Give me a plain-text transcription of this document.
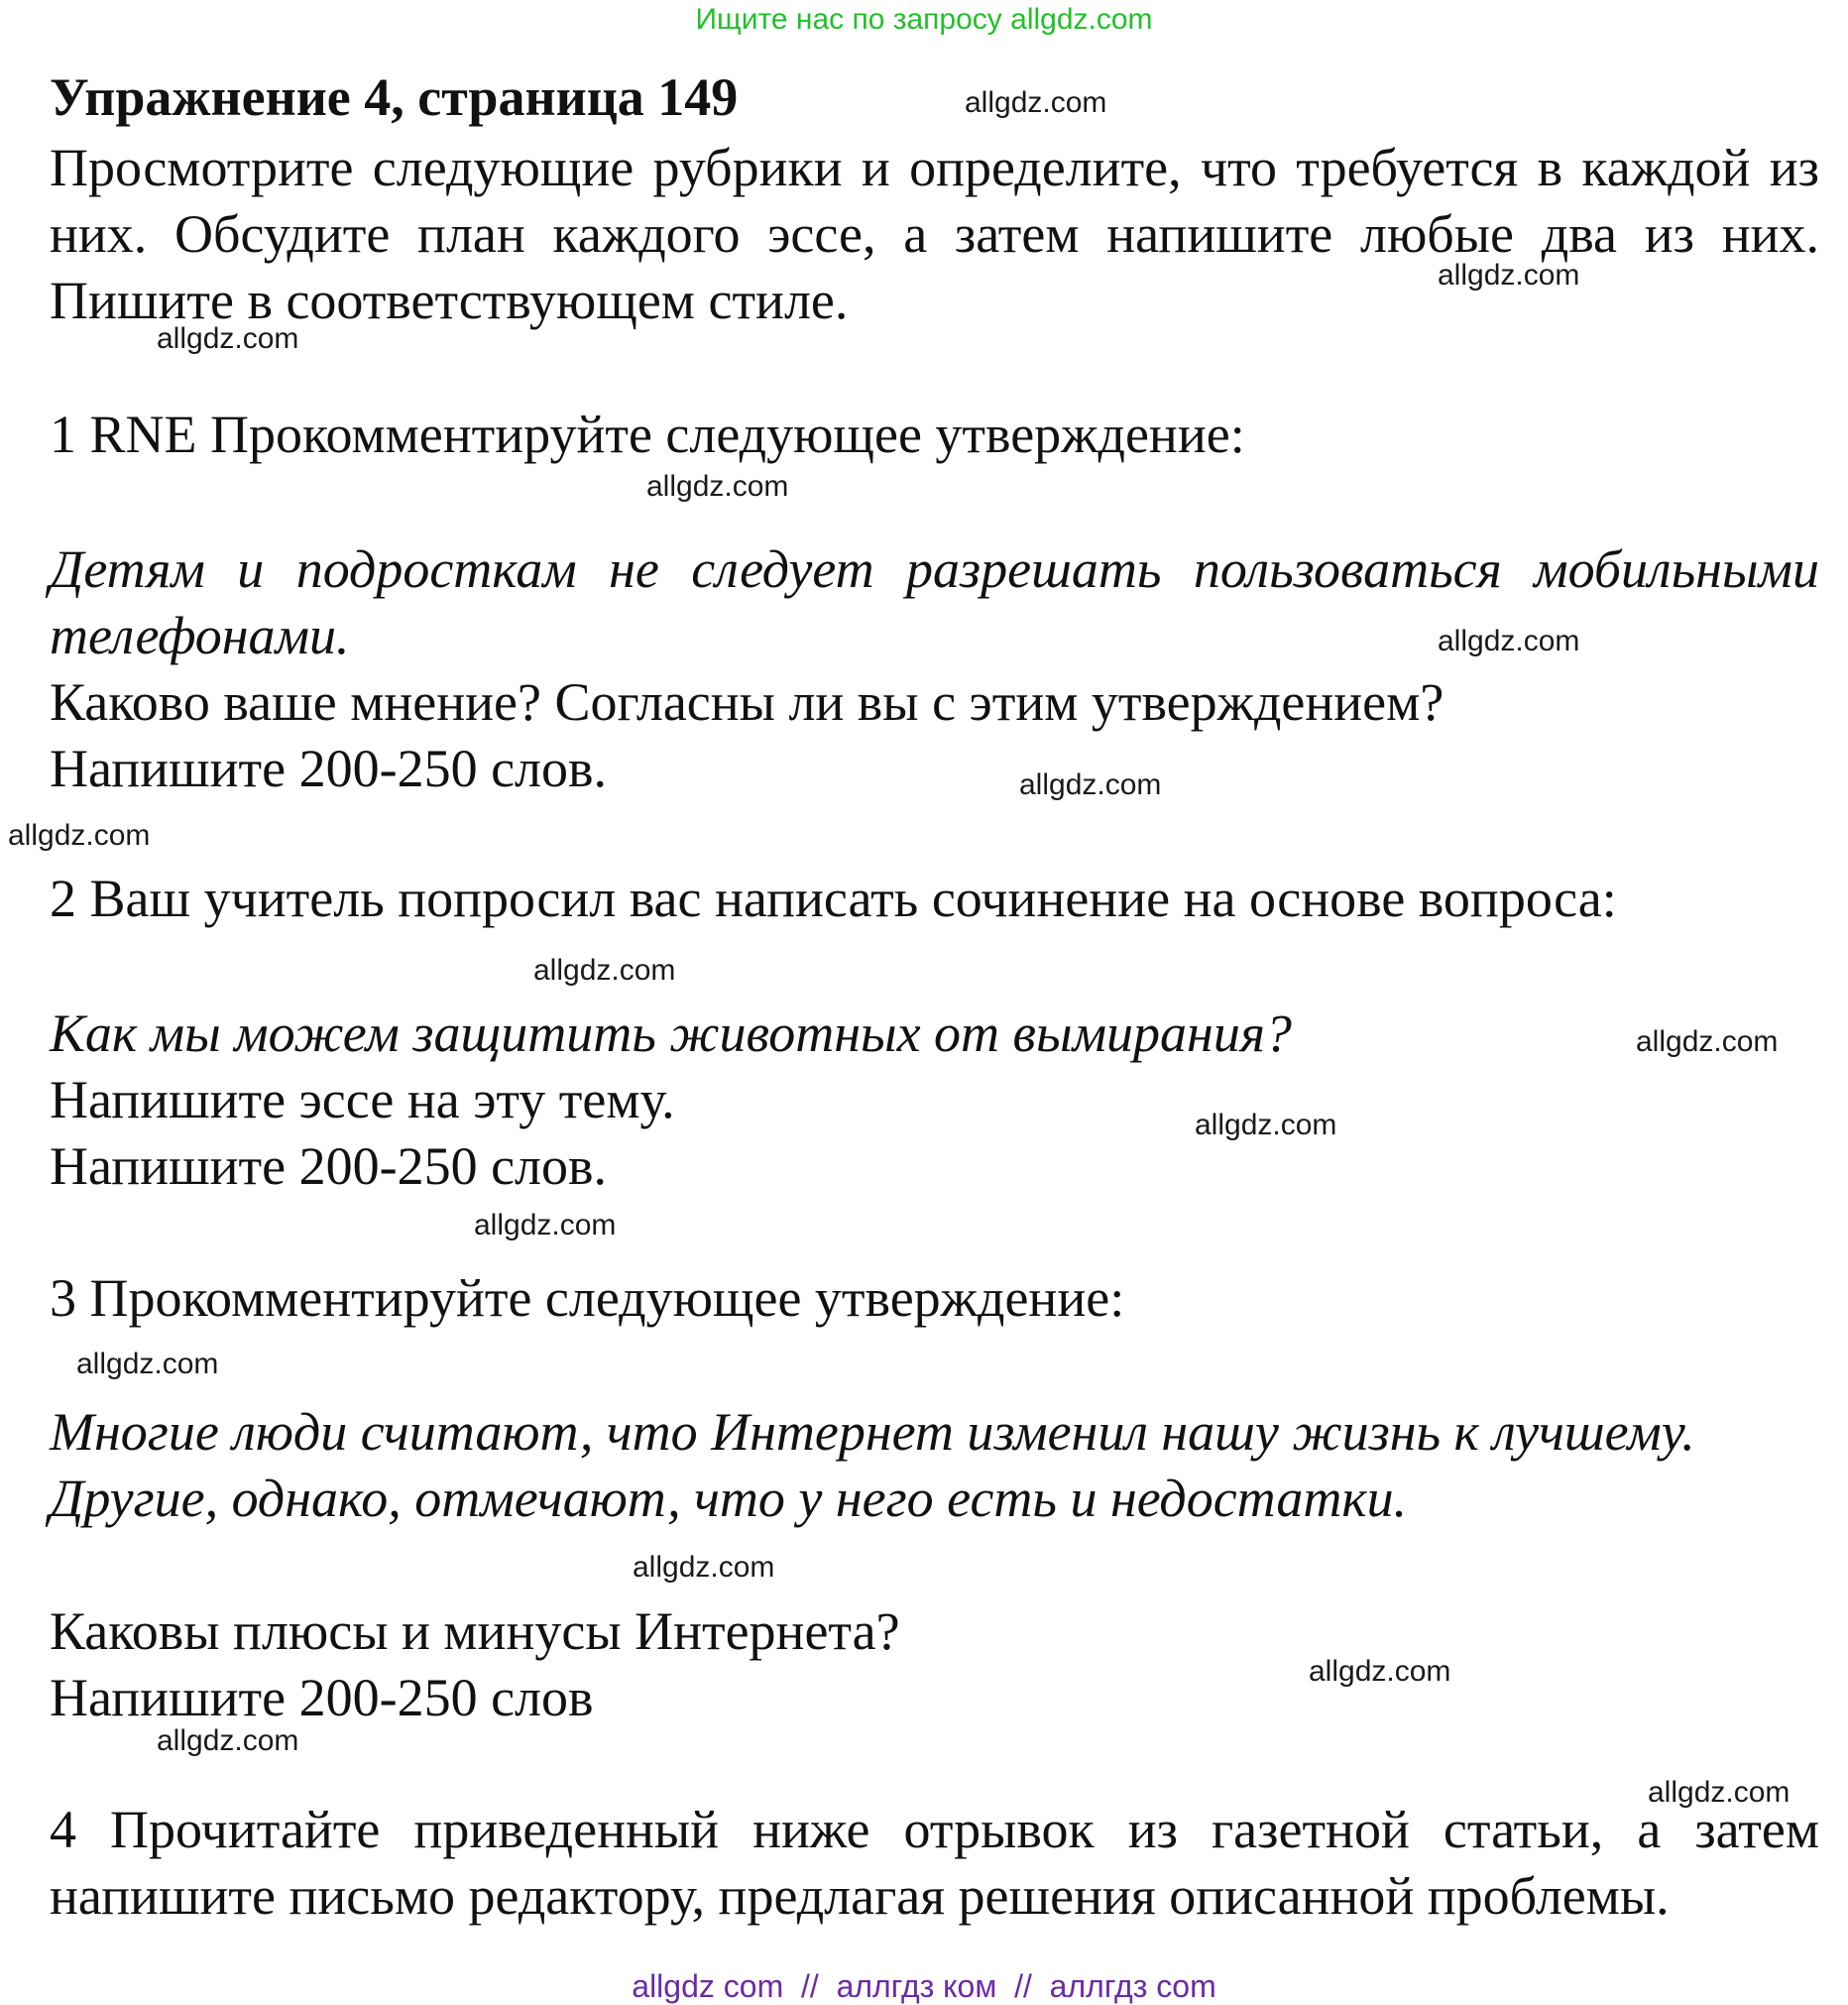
Ищите нас по запросу allgdz.com
Упражнение 4, страница 149

Просмотрите следующие рубрики и определите, что требуется в каждой из них. Обсудите план каждого эссе, а затем напишите любые два из них. Пишите в соответствующем стиле.

1 RNE Прокомментируйте следующее утверждение:

Детям и подросткам не следует разрешать пользоваться мобильными телефонами.

Каково ваше мнение? Согласны ли вы с этим утверждением?

Напишите 200-250 слов.

2 Ваш учитель попросил вас написать сочинение на основе вопроса:

Как мы можем защитить животных от вымирания?

Напишите эссе на эту тему.

Напишите 200-250 слов.

3 Прокомментируйте следующее утверждение:

Многие люди считают, что Интернет изменил нашу жизнь к лучшему.

Другие, однако, отмечают, что у него есть и недостатки.

Каковы плюсы и минусы Интернета?

Напишите 200-250 слов

4 Прочитайте приведенный ниже отрывок из газетной статьи, а затем напишите письмо редактору, предлагая решения описанной проблемы.

allgdz.com
allgdz.com
allgdz.com
allgdz.com
allgdz.com
allgdz.com
allgdz.com
allgdz.com
allgdz.com
allgdz.com
allgdz.com
allgdz.com
allgdz.com
allgdz.com
allgdz.com
allgdz.com
allgdz com  //  аллгдз ком  //  аллгдз com
